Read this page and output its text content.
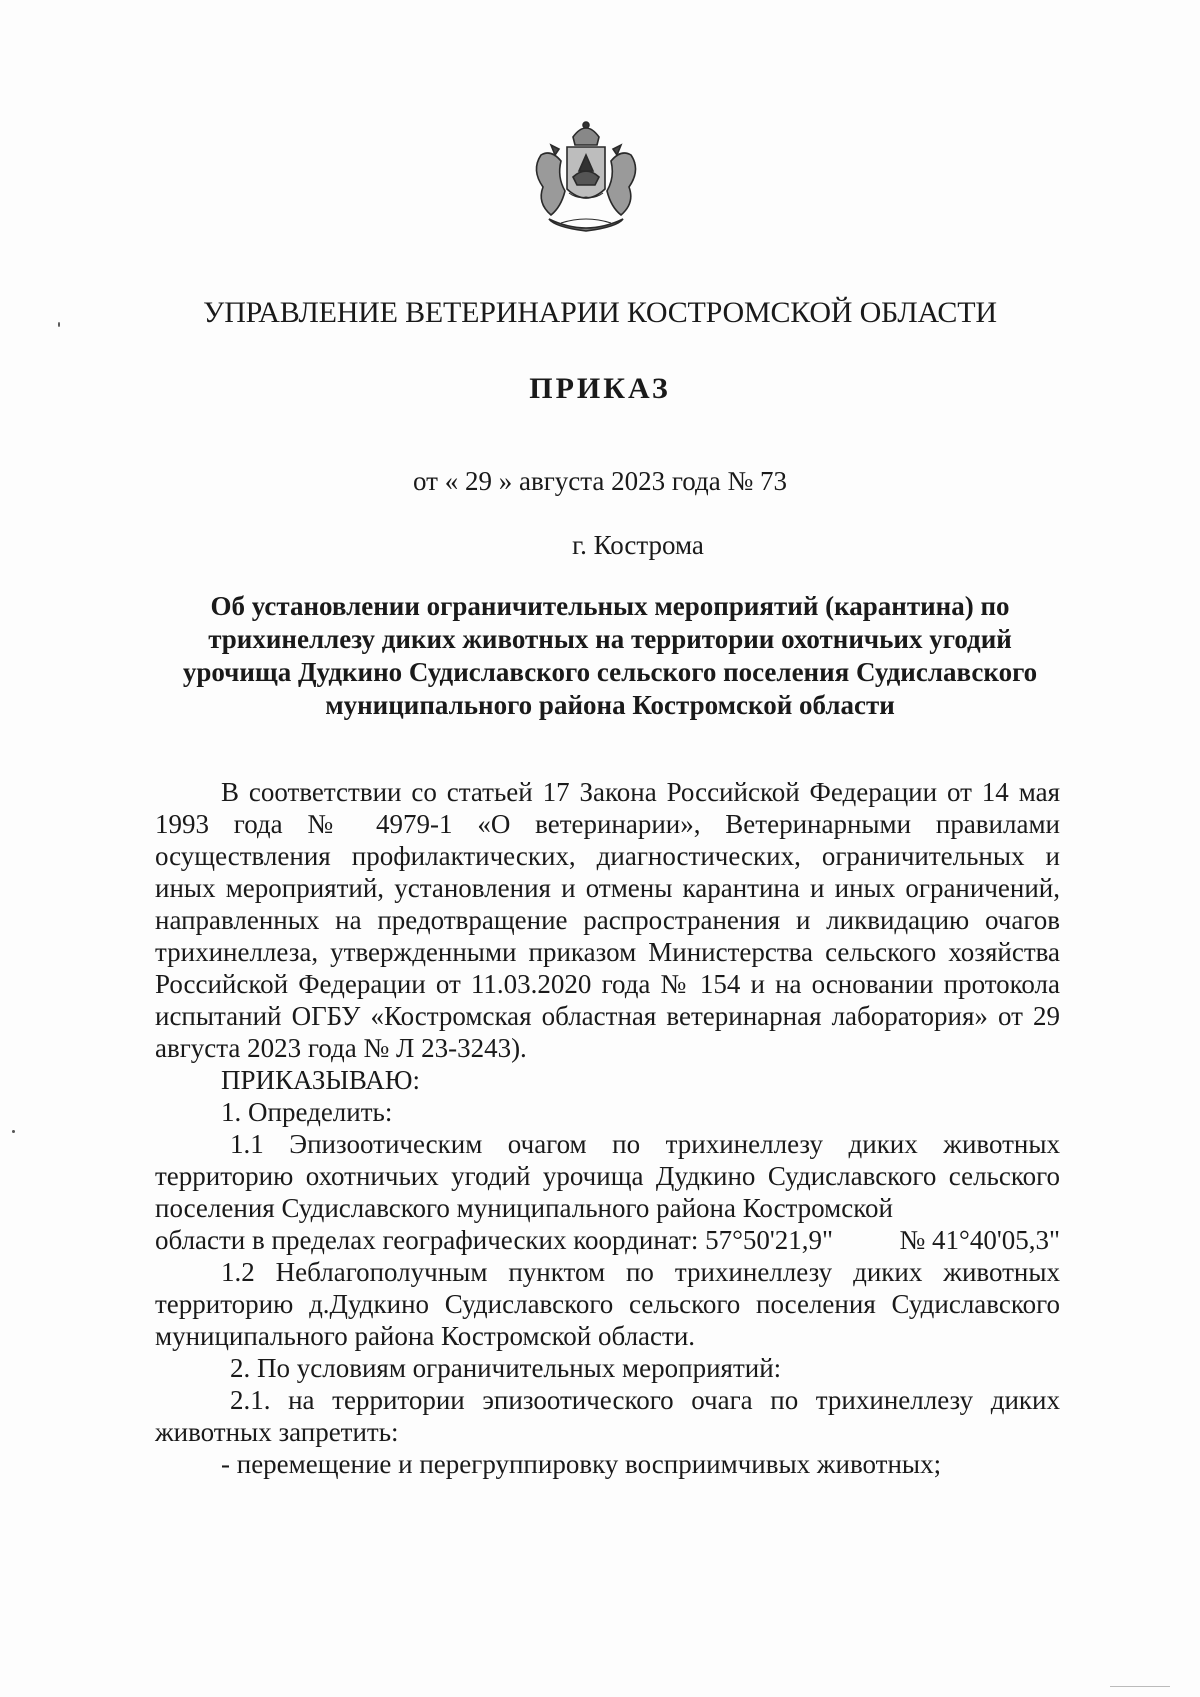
УПРАВЛЕНИЕ ВЕТЕРИНАРИИ КОСТРОМСКОЙ ОБЛАСТИ
ПРИКАЗ
от « 29 » августа 2023 года № 73
г. Кострома
Об установлении ограничительных мероприятий (карантина) по
трихинеллезу диких животных на территории охотничьих угодий
урочища Дудкино Судиславского сельского поселения Судиславского
муниципального района Костромской области

В соответствии со статьей 17 Закона Российской Федерации от 14 мая 1993 года № 4979-1 «О ветеринарии», Ветеринарными правилами осуществления профилактических, диагностических, ограничительных и иных мероприятий, установления и отмены карантина и иных ограничений, направленных на предотвращение распространения и ликвидацию очагов трихинеллеза, утвержденными приказом Министерства сельского хозяйства Российской Федерации от 11.03.2020 года № 154 и на основании протокола испытаний ОГБУ «Костромская областная ветеринарная лаборатория» от 29 августа 2023 года № Л 23-3243).

ПРИКАЗЫВАЮ:

1. Определить:

1.1 Эпизоотическим очагом по трихинеллезу диких животных территорию охотничьих угодий урочища Дудкино Судиславского сельского поселения Судиславского муниципального района Костромской

области в пределах географических координат: 57°50'21,9" № 41°40'05,3"

1.2 Неблагополучным пунктом по трихинеллезу диких животных территорию д.Дудкино Судиславского сельского поселения Судиславского муниципального района Костромской области.

2. По условиям ограничительных мероприятий:

2.1. на территории эпизоотического очага по трихинеллезу диких животных запретить:

- перемещение и перегруппировку восприимчивых животных;
